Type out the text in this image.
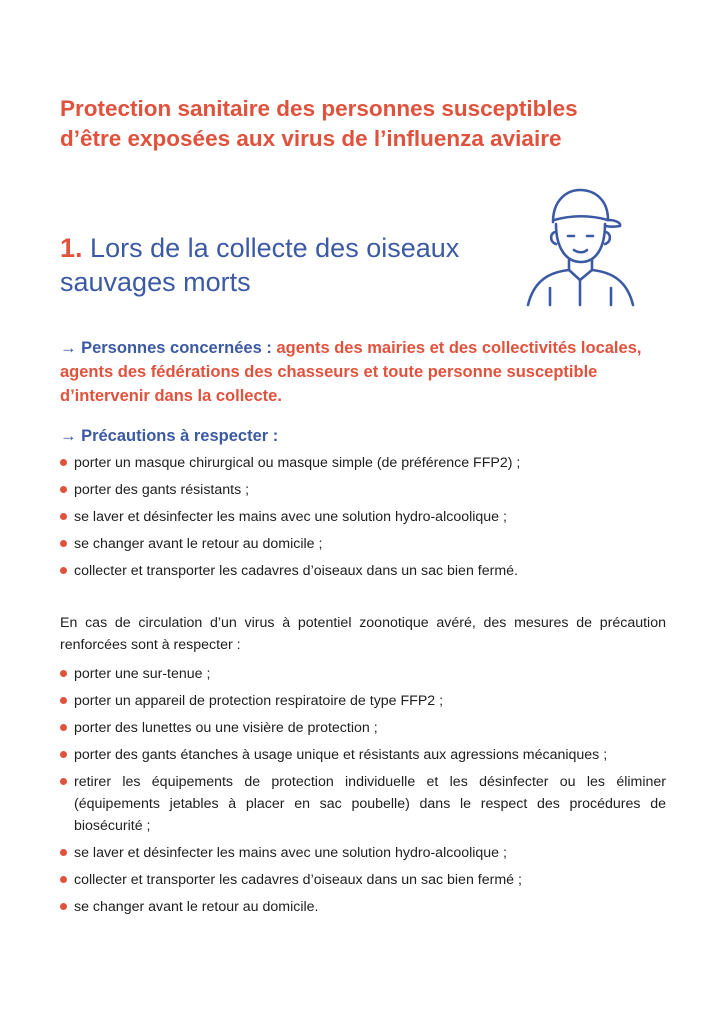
Protection sanitaire des personnes susceptibles d’être exposées aux virus de l’influenza aviaire
1. Lors de la collecte des oiseaux sauvages morts

→ Personnes concernées : agents des mairies et des collectivités locales, agents des fédérations des chasseurs et toute personne susceptible d’intervenir dans la collecte.

→ Précautions à respecter :
porter un masque chirurgical ou masque simple (de préférence FFP2) ;
porter des gants résistants ;
se laver et désinfecter les mains avec une solution hydro-alcoolique ;
se changer avant le retour au domicile ;
collecter et transporter les cadavres d’oiseaux dans un sac bien fermé.

En cas de circulation d’un virus à potentiel zoonotique avéré, des mesures de précaution renforcées sont à respecter :

porter une sur-tenue ;
porter un appareil de protection respiratoire de type FFP2 ;
porter des lunettes ou une visière de protection ;
porter des gants étanches à usage unique et résistants aux agressions mécaniques ;
retirer les équipements de protection individuelle et les désinfecter ou les éliminer (équipements jetables à placer en sac poubelle) dans le respect des procédures de biosécurité ;
se laver et désinfecter les mains avec une solution hydro-alcoolique ;
collecter et transporter les cadavres d’oiseaux dans un sac bien fermé ;
se changer avant le retour au domicile.
